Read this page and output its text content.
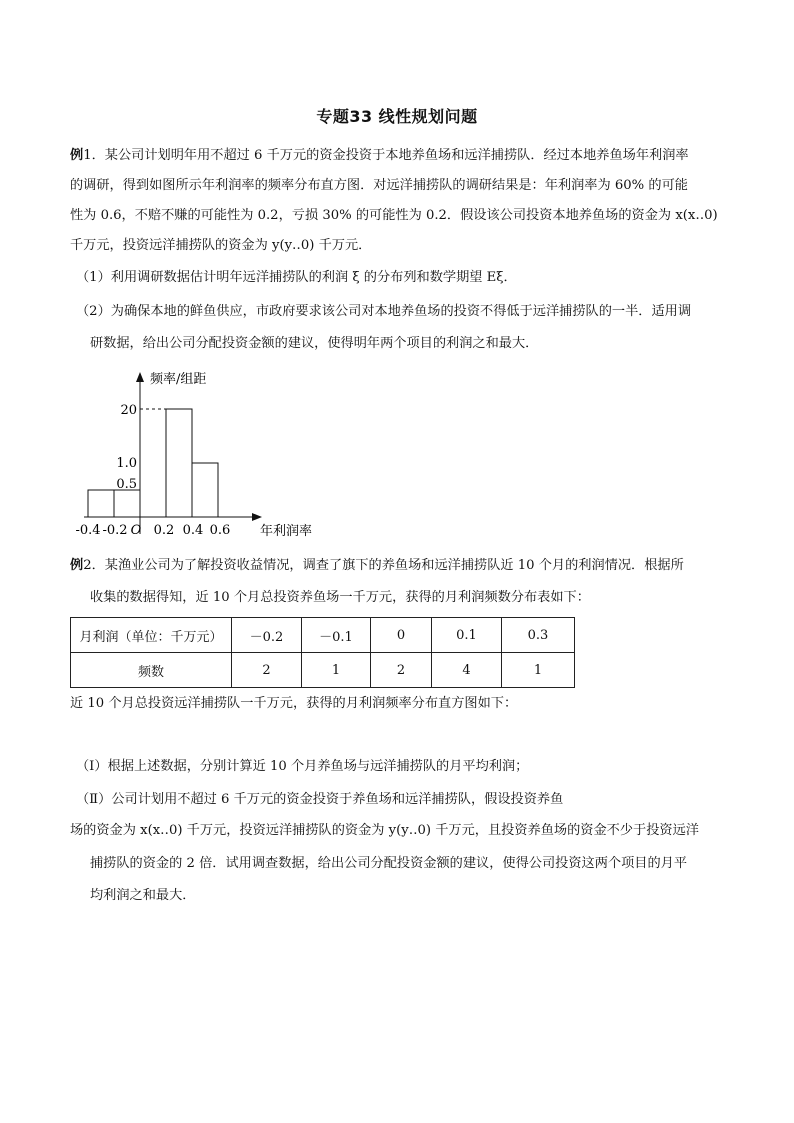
专题33 线性规划问题
例1．某公司计划明年用不超过 6 千万元的资金投资于本地养鱼场和远洋捕捞队．经过本地养鱼场年利润率
的调研，得到如图所示年利润率的频率分布直方图．对远洋捕捞队的调研结果是：年利润率为 60% 的可能
性为 0.6，不赔不赚的可能性为 0.2，亏损 30% 的可能性为 0.2．假设该公司投资本地养鱼场的资金为 x(x‥0)
千万元，投资远洋捕捞队的资金为 y(y‥0) 千万元．
（1）利用调研数据估计明年远洋捕捞队的利润 ξ 的分布列和数学期望 Eξ．
（2）为确保本地的鲜鱼供应，市政府要求该公司对本地养鱼场的投资不得低于远洋捕捞队的一半．适用调
研数据，给出公司分配投资金额的建议，使得明年两个项目的利润之和最大．
频率/组距
年利润率
20
1.0
0.5
-0.4 -0.2 O 0.2 0.4 0.6
例2．某渔业公司为了解投资收益情况，调查了旗下的养鱼场和远洋捕捞队近 10 个月的利润情况．根据所
收集的数据得知，近 10 个月总投资养鱼场一千万元，获得的月利润频数分布表如下：
月利润（单位：千万元）	－0.2	－0.1	0	0.1	0.3
频数	2	1	2	4	1
近 10 个月总投资远洋捕捞队一千万元，获得的月利润频率分布直方图如下：
（Ⅰ）根据上述数据，分别计算近 10 个月养鱼场与远洋捕捞队的月平均利润；
（Ⅱ）公司计划用不超过 6 千万元的资金投资于养鱼场和远洋捕捞队，假设投资养鱼
场的资金为 x(x‥0) 千万元，投资远洋捕捞队的资金为 y(y‥0) 千万元，且投资养鱼场的资金不少于投资远洋
捕捞队的资金的 2 倍．试用调查数据，给出公司分配投资金额的建议，使得公司投资这两个项目的月平
均利润之和最大．
